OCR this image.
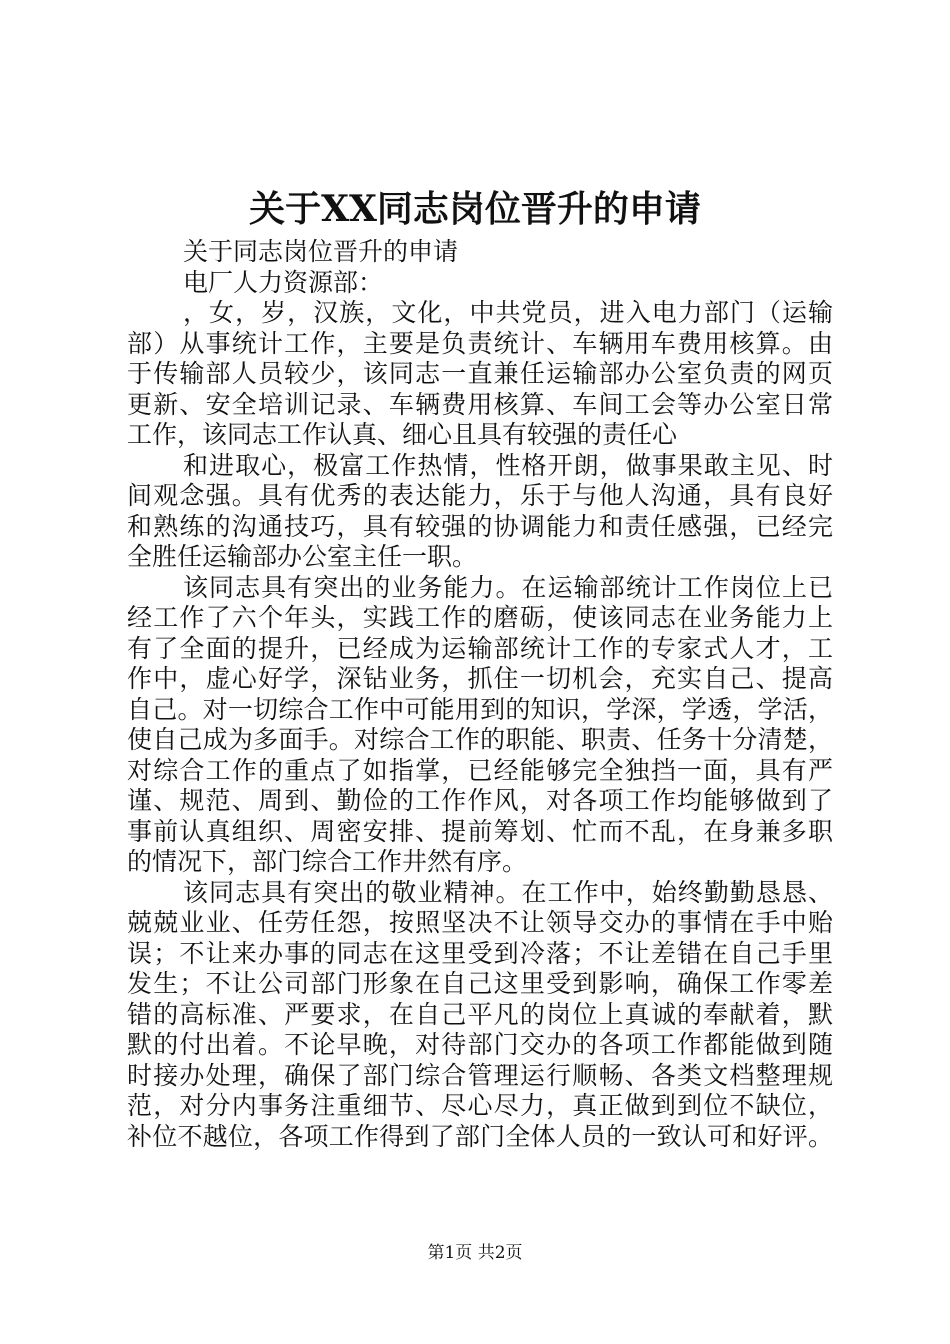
关于XX同志岗位晋升的申请
关于同志岗位晋升的申请
电厂人力资源部：
，女，岁，汉族，文化，中共党员，进入电力部门（运输
部）从事统计工作，主要是负责统计、车辆用车费用核算。由
于传输部人员较少，该同志一直兼任运输部办公室负责的网页
更新、安全培训记录、车辆费用核算、车间工会等办公室日常
工作，该同志工作认真、细心且具有较强的责任心
和进取心，极富工作热情，性格开朗，做事果敢主见、时
间观念强。具有优秀的表达能力，乐于与他人沟通，具有良好
和熟练的沟通技巧，具有较强的协调能力和责任感强，已经完
全胜任运输部办公室主任一职。
该同志具有突出的业务能力。在运输部统计工作岗位上已
经工作了六个年头，实践工作的磨砺，使该同志在业务能力上
有了全面的提升，已经成为运输部统计工作的专家式人才，工
作中，虚心好学，深钻业务，抓住一切机会，充实自己、提高
自己。对一切综合工作中可能用到的知识，学深，学透，学活，
使自己成为多面手。对综合工作的职能、职责、任务十分清楚，
对综合工作的重点了如指掌，已经能够完全独挡一面，具有严
谨、规范、周到、勤俭的工作作风，对各项工作均能够做到了
事前认真组织、周密安排、提前筹划、忙而不乱，在身兼多职
的情况下，部门综合工作井然有序。
该同志具有突出的敬业精神。在工作中，始终勤勤恳恳、
兢兢业业、任劳任怨，按照坚决不让领导交办的事情在手中贻
误；不让来办事的同志在这里受到冷落；不让差错在自己手里
发生；不让公司部门形象在自己这里受到影响，确保工作零差
错的高标准、严要求，在自己平凡的岗位上真诚的奉献着，默
默的付出着。不论早晚，对待部门交办的各项工作都能做到随
时接办处理，确保了部门综合管理运行顺畅、各类文档整理规
范，对分内事务注重细节、尽心尽力，真正做到到位不缺位，
补位不越位，各项工作得到了部门全体人员的一致认可和好评。
第1页 共2页
